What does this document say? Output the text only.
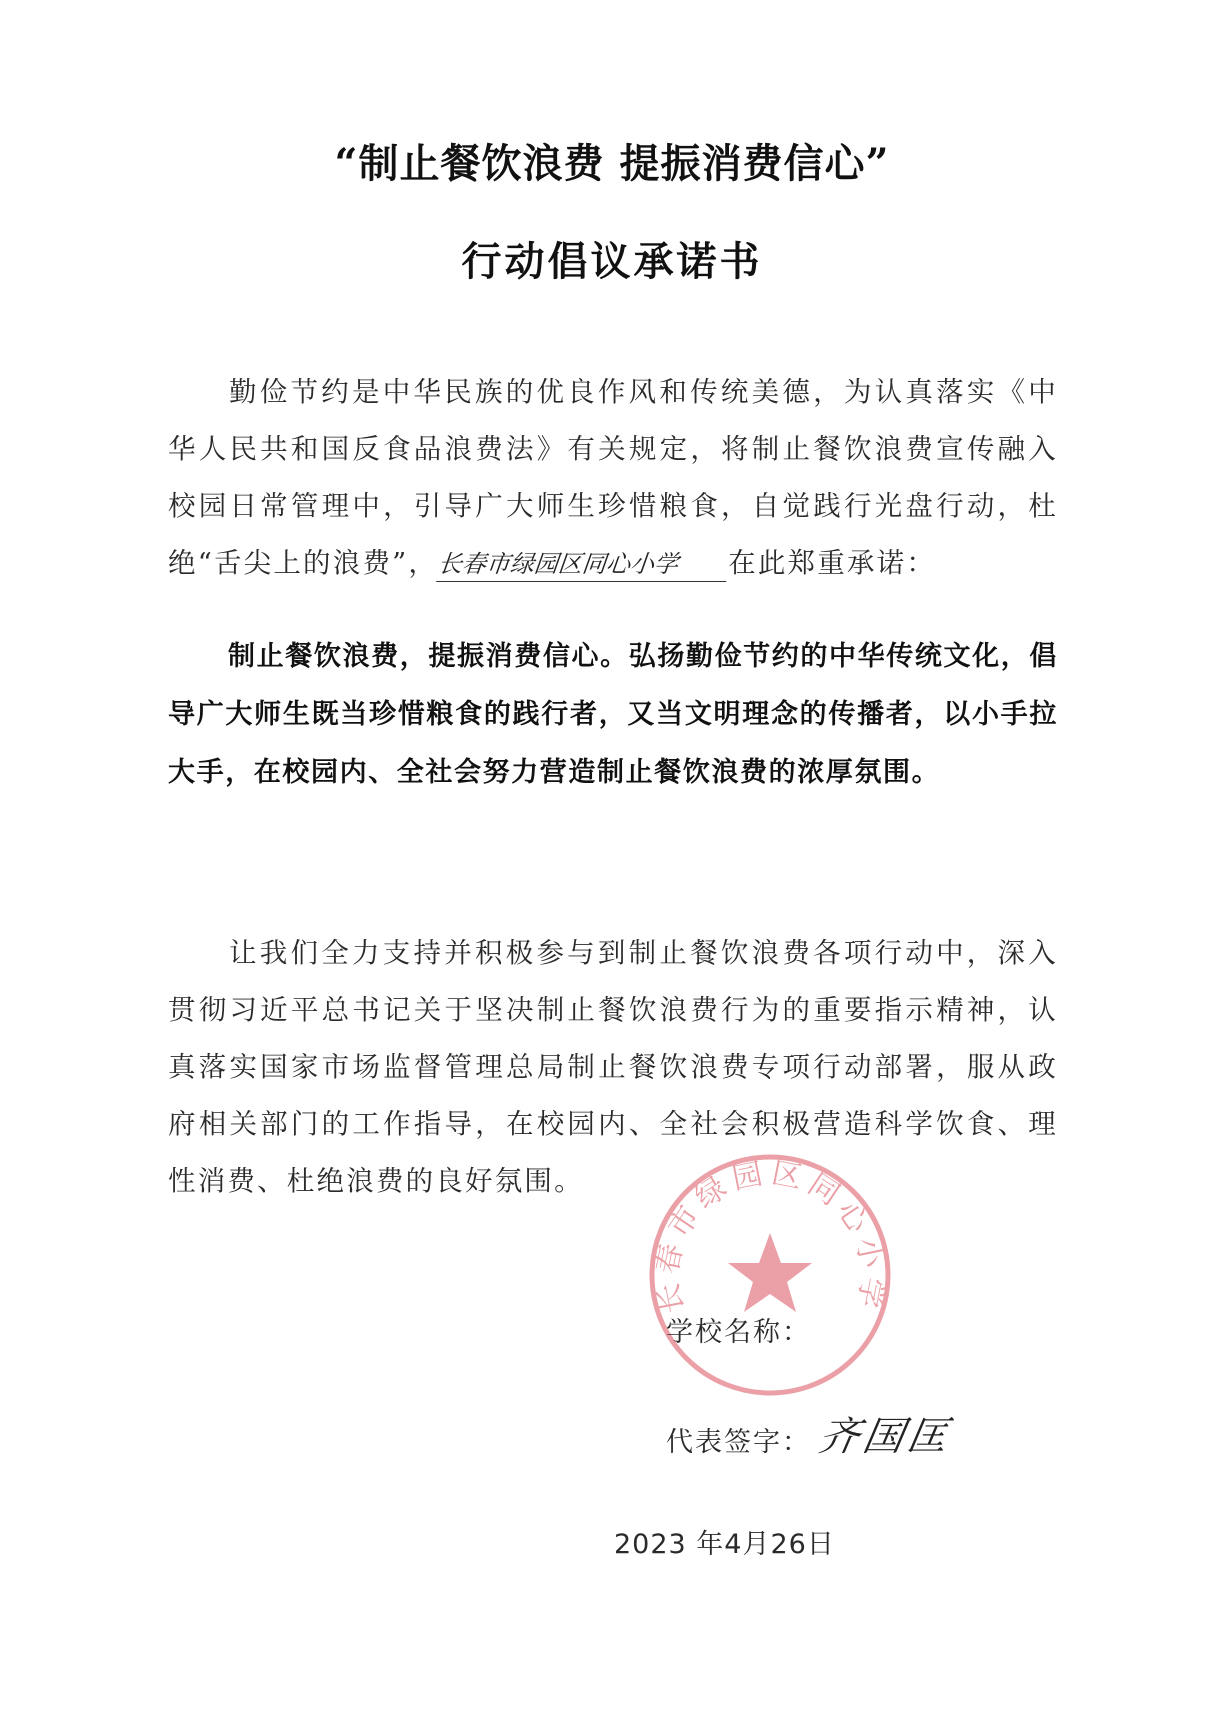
“制止餐饮浪费 提振消费信心”
行动倡议承诺书
勤俭节约是中华民族的优良作风和传统美德，为认真落实《中华人民共和国反食品浪费法》有关规定，将制止餐饮浪费宣传融入校园日常管理中，引导广大师生珍惜粮食，自觉践行光盘行动，杜绝“舌尖上的浪费”，长春市绿园区同心小学 在此郑重承诺：
制止餐饮浪费，提振消费信心。弘扬勤俭节约的中华传统文化，倡导广大师生既当珍惜粮食的践行者，又当文明理念的传播者，以小手拉大手，在校园内、全社会努力营造制止餐饮浪费的浓厚氛围。
让我们全力支持并积极参与到制止餐饮浪费各项行动中，深入贯彻习近平总书记关于坚决制止餐饮浪费行为的重要指示精神，认真落实国家市场监督管理总局制止餐饮浪费专项行动部署，服从政府相关部门的工作指导，在校园内、全社会积极营造科学饮食、理性消费、杜绝浪费的良好氛围。
长春市绿园区同心小学
学校名称：
代表签字： 齐国匡
2023 年4月26日
